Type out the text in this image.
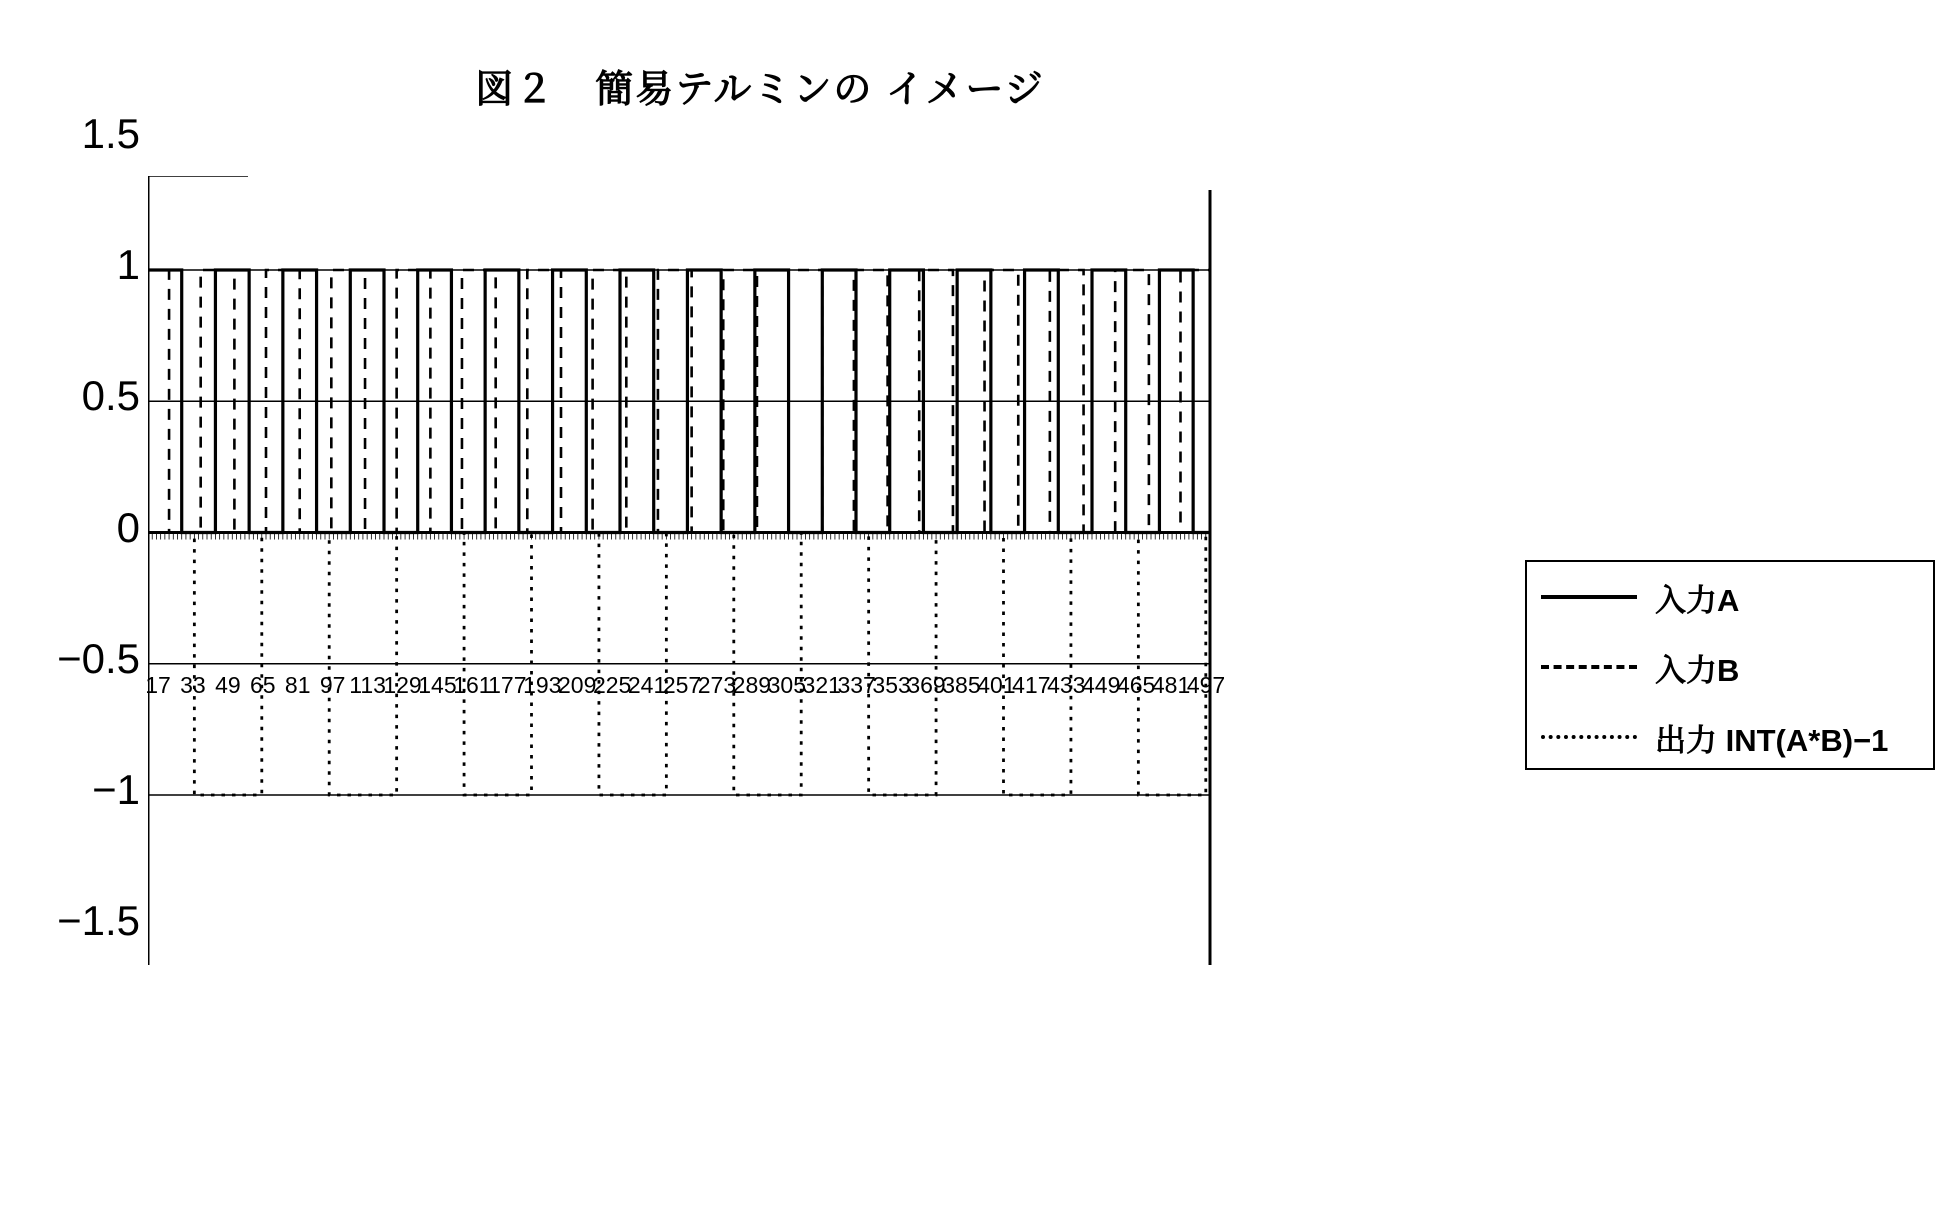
図２　簡易テルミンの イメージ
1.5
1
0.5
0
−0.5
−1
−1.5
17 33 49 65 81 97 113
129
145
161
177
193
209
225
241
257
273
289
305
321
337
353
369
385
401
417
433
449
465
481
497
入力A
入力B
出力 INT(A*B)−1
